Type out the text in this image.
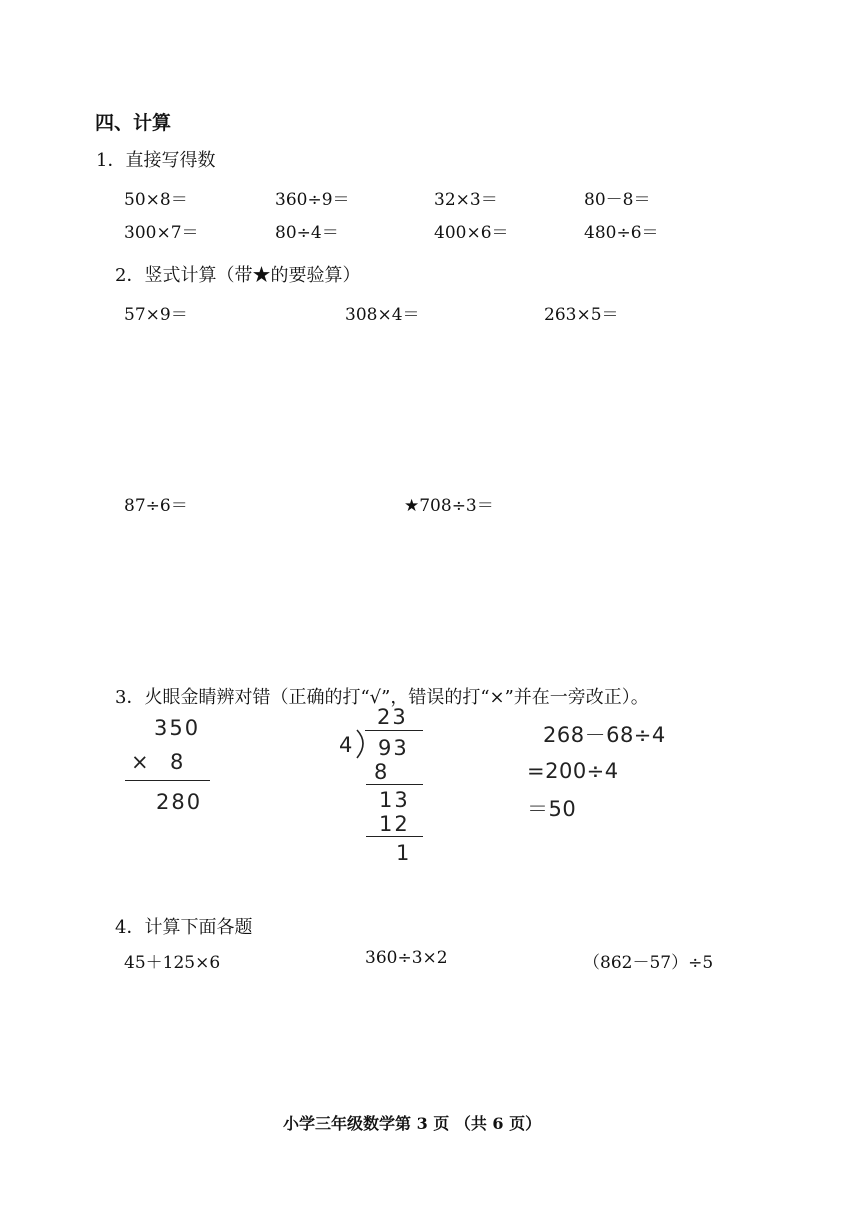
四、计算
1．直接写得数
50×8＝	360÷9＝	32×3＝	80－8＝
300×7＝	80÷4＝	400×6＝	480÷6＝
2．竖式计算（带★的要验算）
57×9＝	308×4＝	263×5＝
87÷6＝	★708÷3＝
3．火眼金睛辨对错（正确的打“√”，错误的打“×”并在一旁改正）。
350
× 8
280
23
4 93
8
13
12
1
268－68÷4
=200÷4
＝50
4．计算下面各题
45＋125×6	360÷3×2	（862－57）÷5
小学三年级数学第 3 页 （共 6 页）
